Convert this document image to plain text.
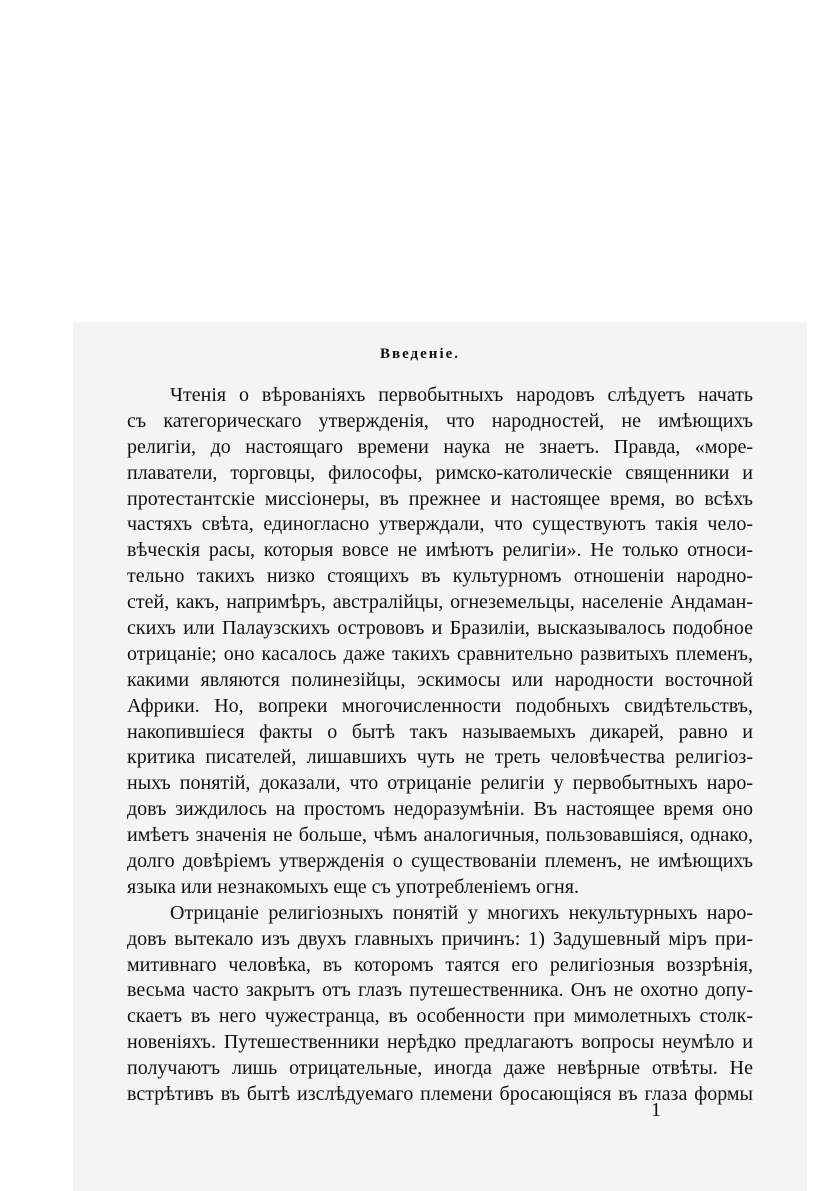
Введеніе.
Чтенія о вѣрованіяхъ первобытныхъ народовъ слѣдуетъ начать
съ категорическаго утвержденія, что народностей, не имѣющихъ
религіи, до настоящаго времени наука не знаетъ. Правда, «море-
плаватели, торговцы, философы, римско-католическіе священники и
протестантскіе миссіонеры, въ прежнее и настоящее время, во всѣхъ
частяхъ свѣта, единогласно утверждали, что существуютъ такія чело-
вѣческія расы, которыя вовсе не имѣютъ религіи». Не только относи-
тельно такихъ низко стоящихъ въ культурномъ отношеніи народно-
стей, какъ, напримѣръ, австралійцы, огнеземельцы, населеніе Андаман-
скихъ или Палаузскихъ острововъ и Бразиліи, высказывалось подобное
отрицаніе; оно касалось даже такихъ сравнительно развитыхъ племенъ,
какими являются полинезійцы, эскимосы или народности восточной
Африки. Но, вопреки многочисленности подобныхъ свидѣтельствъ,
накопившіеся факты о бытѣ такъ называемыхъ дикарей, равно и
критика писателей, лишавшихъ чуть не треть человѣчества религіоз-
ныхъ понятій, доказали, что отрицаніе религіи у первобытныхъ наро-
довъ зиждилось на простомъ недоразумѣніи. Въ настоящее время оно
имѣетъ значенія не больше, чѣмъ аналогичныя, пользовавшіяся, однако,
долго довѣріемъ утвержденія о существованіи племенъ, не имѣющихъ
языка или незнакомыхъ еще съ употребленіемъ огня.
Отрицаніе религіозныхъ понятій у многихъ некультурныхъ наро-
довъ вытекало изъ двухъ главныхъ причинъ: 1) Задушевный міръ при-
митивнаго человѣка, въ которомъ таятся его религіозныя воззрѣнія,
весьма часто закрытъ отъ глазъ путешественника. Онъ не охотно допу-
скаетъ въ него чужестранца, въ особенности при мимолетныхъ столк-
новеніяхъ. Путешественники нерѣдко предлагаютъ вопросы неумѣло и
получаютъ лишь отрицательные, иногда даже невѣрные отвѣты. Не
встрѣтивъ въ бытѣ изслѣдуемаго племени бросающіяся въ глаза формы
1
